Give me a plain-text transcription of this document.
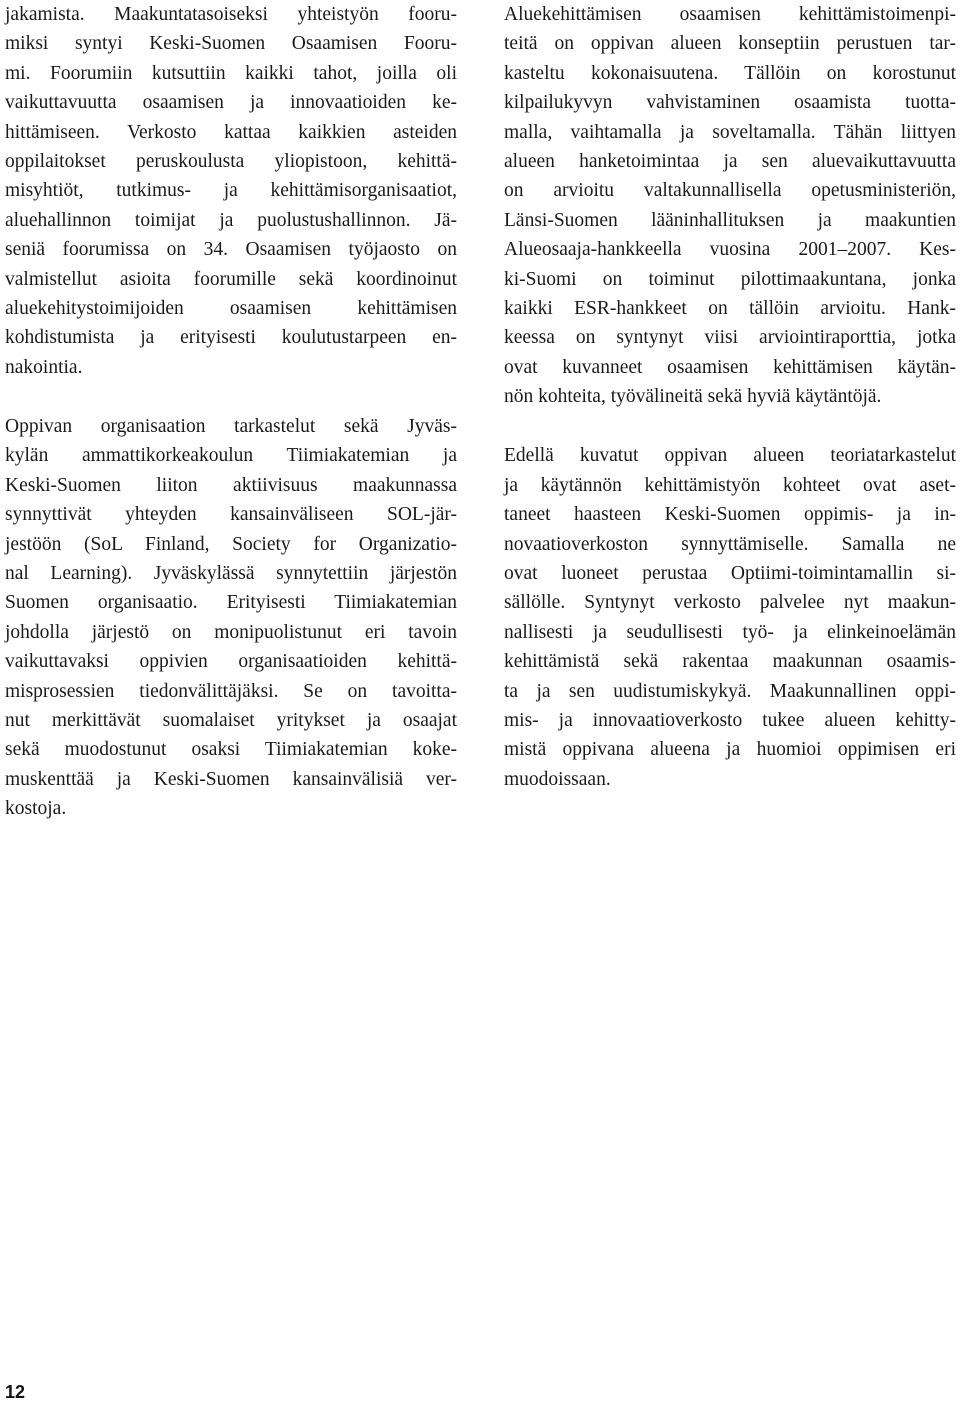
jakamista. Maakuntatasoiseksi yhteistyön fooru-
miksi syntyi Keski-Suomen Osaamisen Fooru-
mi. Foorumiin kutsuttiin kaikki tahot, joilla oli
vaikuttavuutta osaamisen ja innovaatioiden ke-
hittämiseen. Verkosto kattaa kaikkien asteiden
oppilaitokset peruskoulusta yliopistoon, kehittä-
misyhtiöt, tutkimus- ja kehittämisorganisaatiot,
aluehallinnon toimijat ja puolustushallinnon. Jä-
seniä foorumissa on 34. Osaamisen työjaosto on
valmistellut asioita foorumille sekä koordinoinut
aluekehitystoimijoiden osaamisen kehittämisen
kohdistumista ja erityisesti koulutustarpeen en-
nakointia.
Oppivan organisaation tarkastelut sekä Jyväs-
kylän ammattikorkeakoulun Tiimiakatemian ja
Keski-Suomen liiton aktiivisuus maakunnassa
synnyttivät yhteyden kansainväliseen SOL-jär-
jestöön (SoL Finland, Society for Organizatio-
nal Learning). Jyväskylässä synnytettiin järjestön
Suomen organisaatio. Erityisesti Tiimiakatemian
johdolla järjestö on monipuolistunut eri tavoin
vaikuttavaksi oppivien organisaatioiden kehittä-
misprosessien tiedonvälittäjäksi. Se on tavoitta-
nut merkittävät suomalaiset yritykset ja osaajat
sekä muodostunut osaksi Tiimiakatemian koke-
muskenttää ja Keski-Suomen kansainvälisiä ver-
kostoja.
Aluekehittämisen osaamisen kehittämistoimenpi-
teitä on oppivan alueen konseptiin perustuen tar-
kasteltu kokonaisuutena. Tällöin on korostunut
kilpailukyvyn vahvistaminen osaamista tuotta-
malla, vaihtamalla ja soveltamalla. Tähän liittyen
alueen hanketoimintaa ja sen aluevaikuttavuutta
on arvioitu valtakunnallisella opetusministeriön,
Länsi-Suomen lääninhallituksen ja maakuntien
Alueosaaja-hankkeella vuosina 2001–2007. Kes-
ki-Suomi on toiminut pilottimaakuntana, jonka
kaikki ESR-hankkeet on tällöin arvioitu. Hank-
keessa on syntynyt viisi arviointiraporttia, jotka
ovat kuvanneet osaamisen kehittämisen käytän-
nön kohteita, työvälineitä sekä hyviä käytäntöjä.
Edellä kuvatut oppivan alueen teoriatarkastelut
ja käytännön kehittämistyön kohteet ovat aset-
taneet haasteen Keski-Suomen oppimis- ja in-
novaatioverkoston synnyttämiselle. Samalla ne
ovat luoneet perustaa Optiimi-toimintamallin si-
sällölle. Syntynyt verkosto palvelee nyt maakun-
nallisesti ja seudullisesti työ- ja elinkeinoelämän
kehittämistä sekä rakentaa maakunnan osaamis-
ta ja sen uudistumiskykyä. Maakunnallinen oppi-
mis- ja innovaatioverkosto tukee alueen kehitty-
mistä oppivana alueena ja huomioi oppimisen eri
muodoissaan.
12
